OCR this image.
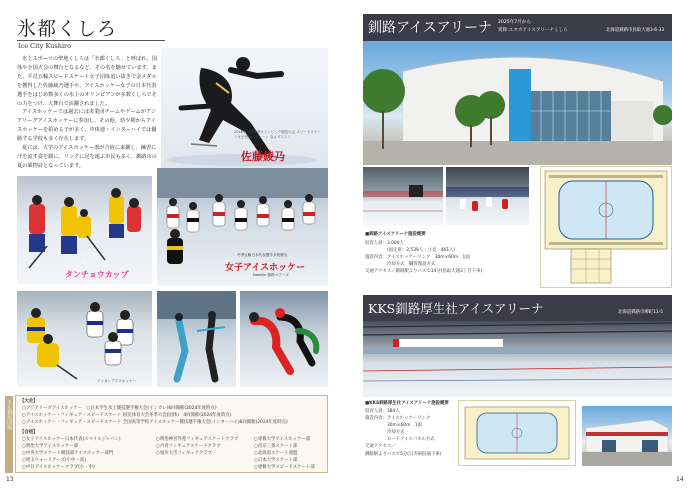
氷都くしろ
Ice City Kushiro

氷上スポーツの聖地くしろは「氷都くしろ」と呼ばれ、国体や全国大会の舞台となるなど、その名を馳せています。また、平昌五輪スピードスケート女子団体追い抜きで金メダルを獲得した佐藤綾乃選手や、アイスホッケー女子の日本代表選手をはじめ数多くの氷上のオリンピアンが多数くしろでその力をつけ、大舞台で活躍されました。

アイスホッケーでは過去には実業団チームやゲームがアジアリーグアイスホッケーに参加し、その他、幼少期からアイスホッケーを始める子が多く、中体連・インターハイでは優勝する学校も多く存在します。

夏には、大学のアイスホッケー部が合宿に来釧し、練習に汗を流す姿を観に、リンクに足を運ぶ市民も多く、釧路市の夏の風物詩となっています。

2018年平昌冬季オリンピック競技大会 スピードスケート女子団体パシュート 金メダリスト
佐藤綾乃
アイスホッケー大会
くしろ
タンチョウカップ
冬季五輪日本代表選手多数輩出
女子アイスホッケー
Daishin 釧路ベアーズ
インカレアイスホッケー
主な利用団体 【大会】
○アジアリーグアイスホッケー　○日本学生氷上競技選手権大会(インカレ)6回開催(2024年度時点)
○アイスホッケー・フィギュア・スピードスケート 国民体育大会冬季大会(国体)　4回開催(2024年度時点)
○アイスホッケー・フィギュア・スピードスケート 全国高等学校アイスホッケー競技選手権大会(インターハイ)6回開催(2024年度時点)
【合宿】
○女子アイスホッケー日本代表(スマイルジャパン)
○明治大学アイスホッケー部
○中央大学スケート競技部アイスホッケー部門
○埼玉ウォーリアーズ(小中・高)
○中日アイスホッケークラブ(小・中)
○明治神宮外苑フィギュアスケートクラブ
○丹青フィギュアスケートクラブ
○旭川大雪フィギュアクラブ
○専修大学アイスホッケー部
○帝京三条スケート部
○北海道スケート連盟
○日本大学スケート部
○専修大学スピードスケート部
13
釧路アイスアリーナ 2025年7月から
愛称:ユタカアイスアリーナくしろ	北海道釧路市鳥取大通3-6-33
■釧路アイスアリーナ施設概要
収容人員：3,000人
　　　　　(固定席：2,539人・立見：461人)
施設内容：アイスホッケーリンク　30m×60m　1面
　　　　　冷却方式　鋼管埋設方式
交通アクセス／釧路駅よりバスで14分(鳥取大通3丁目下車)
KKS釧路厚生社アイスアリーナ	北海道釧路市柳町11-5
■KKS釧路厚生社アイスアリーナ施設概要
収容人員：384人
施設内容：アイスホッケーリンク
　　　　　30m×60m　1面
　　　　　冷却方式
　　　　　ロードアイスパネル方式
交通アクセス／
釧路駅よりバスで5分(日赤病院通下車)
14
